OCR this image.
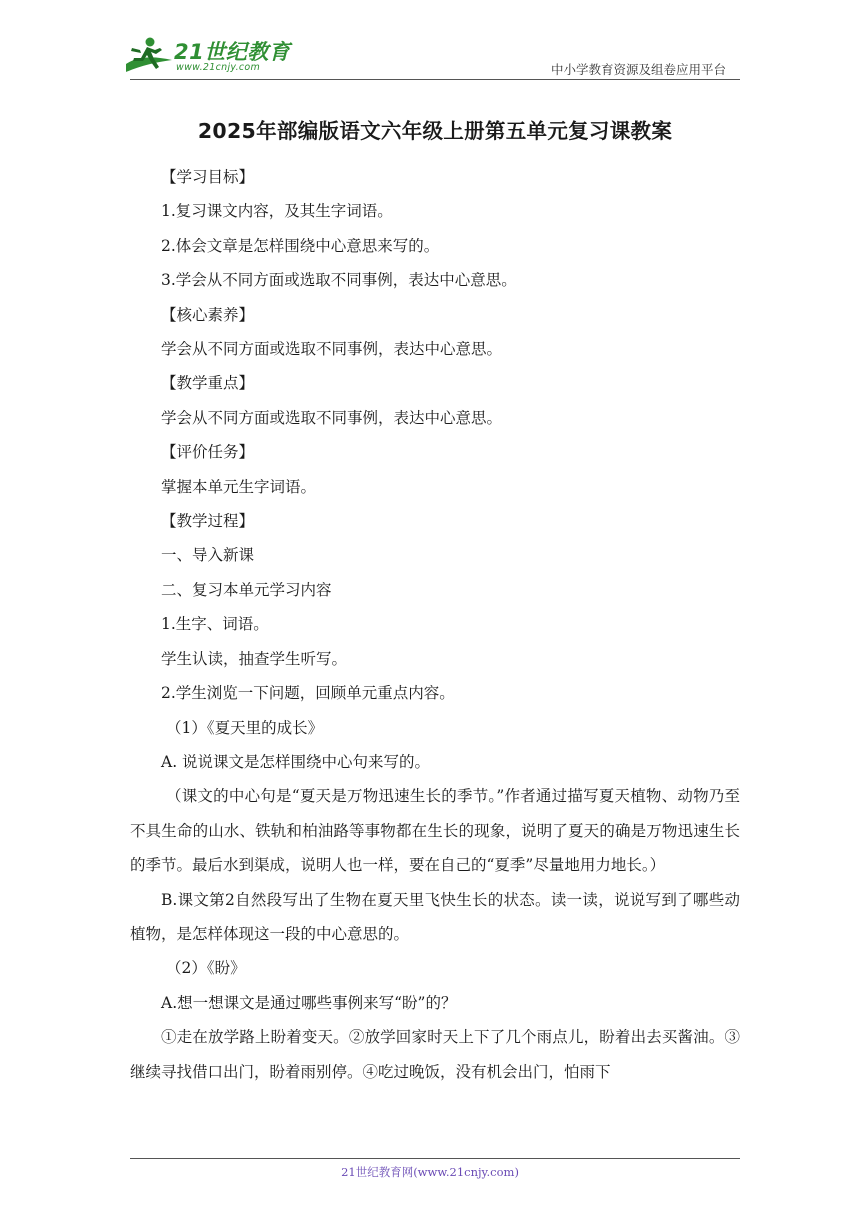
21世纪教育
www.21cnjy.com	中小学教育资源及组卷应用平台
2025年部编版语文六年级上册第五单元复习课教案

【学习目标】

1.复习课文内容，及其生字词语。

2.体会文章是怎样围绕中心意思来写的。

3.学会从不同方面或选取不同事例，表达中心意思。

【核心素养】

学会从不同方面或选取不同事例，表达中心意思。

【教学重点】

学会从不同方面或选取不同事例，表达中心意思。

【评价任务】

掌握本单元生字词语。

【教学过程】

一、导入新课

二、复习本单元学习内容

1.生字、词语。

学生认读，抽查学生听写。

2.学生浏览一下问题，回顾单元重点内容。

（1）《夏天里的成长》

A. 说说课文是怎样围绕中心句来写的。

（课文的中心句是“夏天是万物迅速生长的季节。”作者通过描写夏天植物、动物乃至不具生命的山水、铁轨和柏油路等事物都在生长的现象，说明了夏天的确是万物迅速生长的季节。最后水到渠成，说明人也一样，要在自己的“夏季”尽量地用力地长。）

B.课文第2自然段写出了生物在夏天里飞快生长的状态。读一读，说说写到了哪些动植物，是怎样体现这一段的中心意思的。

（2）《盼》

A.想一想课文是通过哪些事例来写“盼”的？

①走在放学路上盼着变天。②放学回家时天上下了几个雨点儿，盼着出去买酱油。③继续寻找借口出门，盼着雨别停。④吃过晚饭，没有机会出门，怕雨下

21世纪教育网(www.21cnjy.com)
